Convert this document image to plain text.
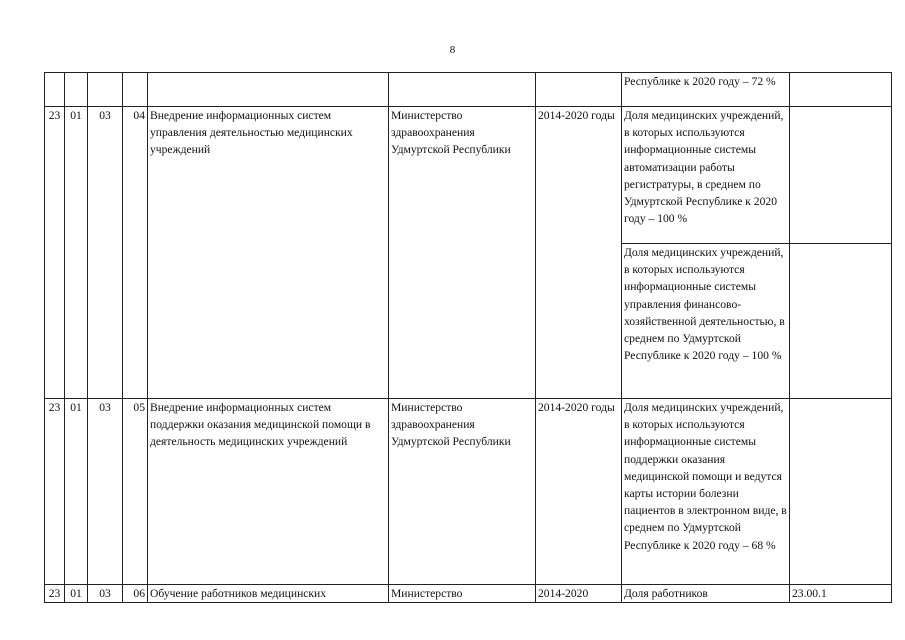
8
							Республике к 2020 году – 72 %	
23	01	03	04	Внедрение информационных систем управления деятельностью медицинских учреждений	Министерство здравоохранения Удмуртской Республики	2014-2020 годы	Доля медицинских учреждений, в которых используются информационные системы автоматизации работы регистратуры, в среднем по Удмуртской Республике к 2020 году – 100 %	
							Доля медицинских учреждений, в которых используются информационные системы управления финансово-хозяйственной деятельностью, в среднем по Удмуртской Республике к 2020 году – 100 %	
23	01	03	05	Внедрение информационных систем поддержки оказания медицинской помощи в деятельность медицинских учреждений	Министерство здравоохранения Удмуртской Республики	2014-2020 годы	Доля медицинских учреждений, в которых используются информационные системы поддержки оказания медицинской помощи и ведутся карты истории болезни пациентов в электронном виде, в среднем по Удмуртской Республике к 2020 году – 68 %	
23	01	03	06	Обучение работников медицинских	Министерство	2014-2020	Доля работников	23.00.1
